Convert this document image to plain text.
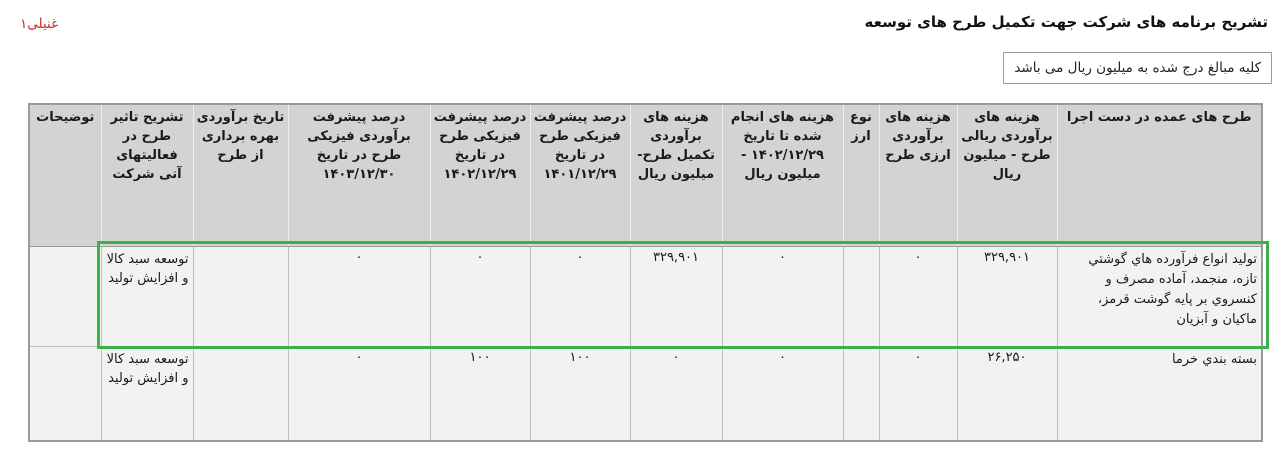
تشریح برنامه های شرکت جهت تکمیل طرح های توسعه
غنیلی۱
کلیه مبالغ درج شده به میلیون ریال می باشد
طرح های عمده در دست اجرا	هزینه های برآوردی ریالی طرح - میلیون ریال	هزینه های برآوردی ارزی طرح	نوع ارز	هزینه های انجام شده تا تاریخ ۱۴۰۲/۱۲/۲۹ - میلیون ریال	هزینه های برآوردی تکمیل طرح- میلیون ریال	درصد پیشرفت فیزیکی طرح در تاریخ ۱۴۰۱/۱۲/۲۹	درصد پیشرفت فیزیکی طرح در تاریخ ۱۴۰۲/۱۲/۲۹	درصد پیشرفت برآوردی فیزیکی طرح در تاریخ ۱۴۰۳/۱۲/۳۰	تاریخ برآوردی بهره برداری از طرح	تشریح تاثیر طرح در فعالیتهای آتی شرکت	توضیحات
تولید انواع فرآورده هاي گوشتي تازه، منجمد، آماده مصرف و کنسروي بر پایه گوشت قرمز، ماکیان و آبزیان	۳۲۹,۹۰۱	۰		۰	۳۲۹,۹۰۱	۰	۰	۰		توسعه سبد کالا و افزایش تولید	
بسته بندي خرما	۲۶,۲۵۰	۰		۰	۰	۱۰۰	۱۰۰	۰		توسعه سبد کالا و افزایش تولید	
